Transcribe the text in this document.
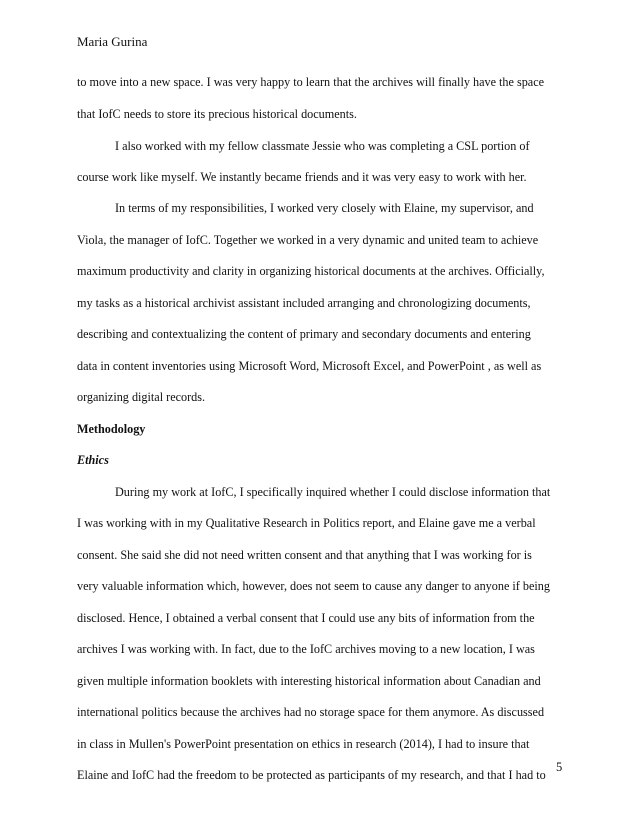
Maria Gurina
to move into a new space. I was very happy to learn that the archives will finally have the space
that IofC needs to store its precious historical documents.
I also worked with my fellow classmate Jessie who was completing a CSL portion of
course work like myself. We instantly became friends and it was very easy to work with her.
In terms of my responsibilities, I worked very closely with Elaine, my supervisor, and
Viola, the manager of IofC. Together we worked in a very dynamic and united team to achieve
maximum productivity and clarity in organizing historical documents at the archives. Officially,
my tasks as a historical archivist assistant included arranging and chronologizing documents,
describing and contextualizing the content of primary and secondary documents and entering
data in content inventories using Microsoft Word, Microsoft Excel, and PowerPoint , as well as
organizing digital records.
Methodology
Ethics
During my work at IofC, I specifically inquired whether I could disclose information that
I was working with in my Qualitative Research in Politics report, and Elaine gave me a verbal
consent. She said she did not need written consent and that anything that I was working for is
very valuable information which, however, does not seem to cause any danger to anyone if being
disclosed. Hence, I obtained a verbal consent that I could use any bits of information from the
archives I was working with. In fact, due to the IofC archives moving to a new location, I was
given multiple information booklets with interesting historical information about Canadian and
international politics because the archives had no storage space for them anymore. As discussed
in class in Mullen's PowerPoint presentation on ethics in research (2014), I had to insure that
Elaine and IofC had the freedom to be protected as participants of my research, and that I had to
5
